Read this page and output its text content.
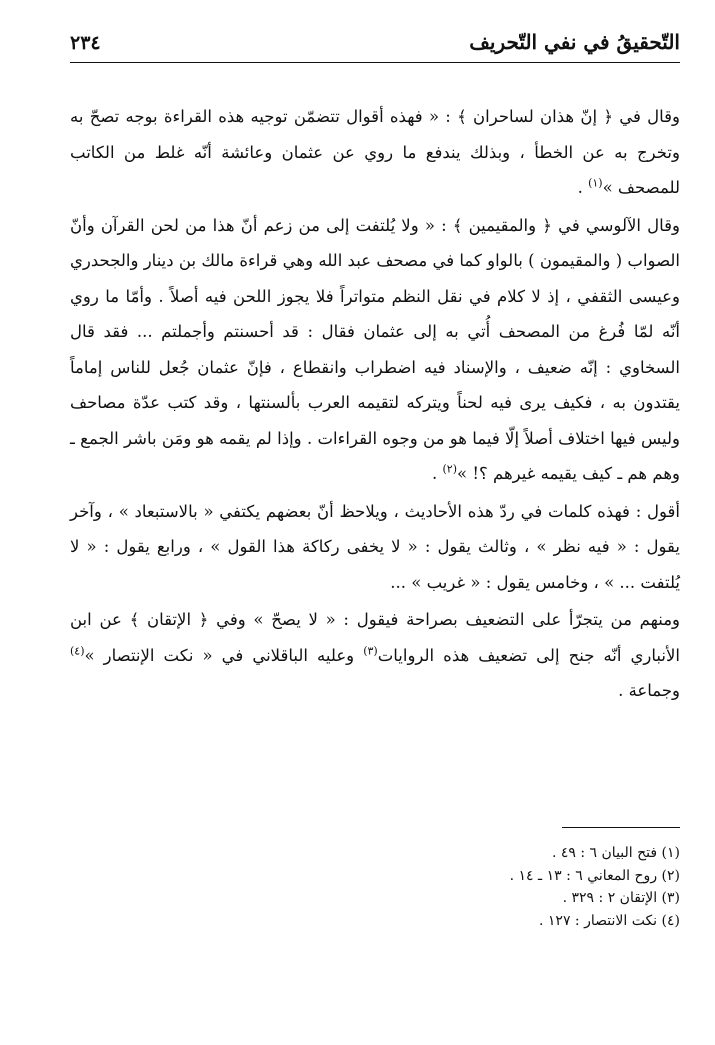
التّحقيقُ في نفي التّحريف
٢٣٤

وقال في ﴿ إنّ هذان لساحران ﴾ : « فهذه أقوال تتضمّن توجيه هذه القراءة بوجه تصحّ به وتخرج به عن الخطأ ، وبذلك يندفع ما روي عن عثمان وعائشة أنّه غلط من الكاتب للمصحف »$^{(١)}$ .

وقال الآلوسي في ﴿ والمقيمين ﴾ : « ولا يُلتفت إلى من زعم أنّ هذا من لحن القرآن وأنّ الصواب ( والمقيمون ) بالواو كما في مصحف عبد الله وهي قراءة مالك بن دينار والجحدري وعيسى الثقفي ، إذ لا كلام في نقل النظم متواتراً فلا يجوز اللحن فيه أصلاً . وأمّا ما روي أنّه لمّا فُرغ من المصحف أُتي به إلى عثمان فقال : قد أحسنتم وأجملتم ... فقد قال السخاوي : إنّه ضعيف ، والإسناد فيه اضطراب وانقطاع ، فإنّ عثمان جُعل للناس إماماً يقتدون به ، فكيف يرى فيه لحناً ويتركه لتقيمه العرب بألسنتها ، وقد كتب عدّة مصاحف وليس فيها اختلاف أصلاً إلّا فيما هو من وجوه القراءات . وإذا لم يقمه هو ومَن باشر الجمع ـ وهم هم ـ كيف يقيمه غيرهم ؟! »$^{(٢)}$ .

أقول : فهذه كلمات في ردّ هذه الأحاديث ، ويلاحظ أنّ بعضهم يكتفي « بالاستبعاد » ، وآخر يقول : « فيه نظر » ، وثالث يقول : « لا يخفى ركاكة هذا القول » ، ورابع يقول : « لا يُلتفت ... » ، وخامس يقول : « غريب » ...

ومنهم من يتجرّأ على التضعيف بصراحة فيقول : « لا يصحّ » وفي ﴿ الإتقان ﴾ عن ابن الأنباري أنّه جنح إلى تضعيف هذه الروايات$^{(٣)}$ وعليه الباقلاني في « نكت الإنتصار »$^{(٤)}$ وجماعة .

(١) فتح البيان ٦ : ٤٩ .
(٢) روح المعاني ٦ : ١٣ ـ ١٤ .
(٣) الإتقان ٢ : ٣٢٩ .
(٤) نكت الانتصار : ١٢٧ .
